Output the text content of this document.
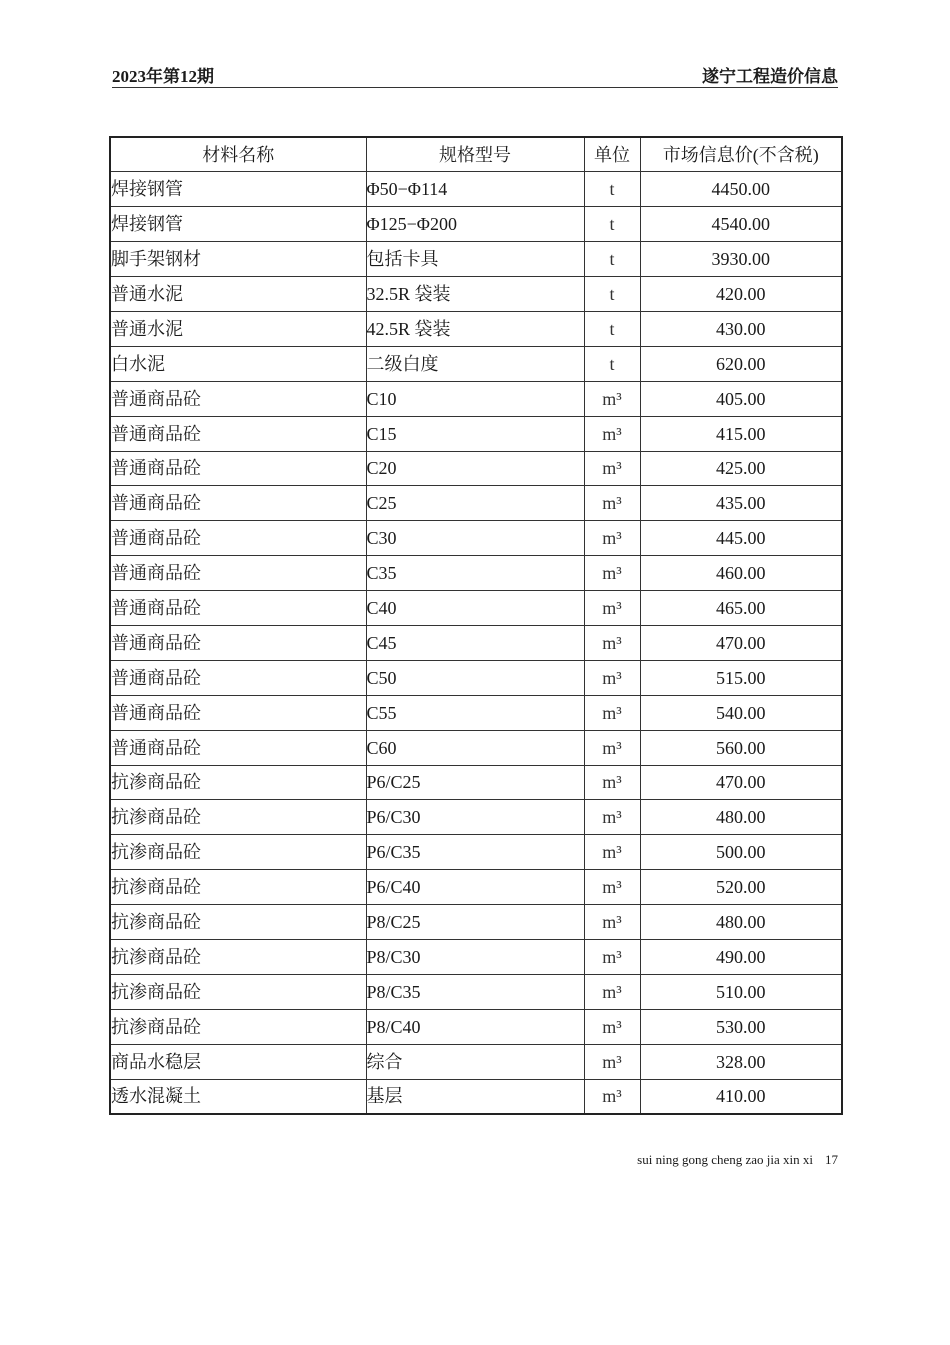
2023年第12期	遂宁工程造价信息
材料名称	规格型号	单位	市场信息价(不含税)
焊接钢管	Φ50−Φ114	t	4450.00
焊接钢管	Φ125−Φ200	t	4540.00
脚手架钢材	包括卡具	t	3930.00
普通水泥	32.5R 袋装	t	420.00
普通水泥	42.5R 袋装	t	430.00
白水泥	二级白度	t	620.00
普通商品砼	C10	m³	405.00
普通商品砼	C15	m³	415.00
普通商品砼	C20	m³	425.00
普通商品砼	C25	m³	435.00
普通商品砼	C30	m³	445.00
普通商品砼	C35	m³	460.00
普通商品砼	C40	m³	465.00
普通商品砼	C45	m³	470.00
普通商品砼	C50	m³	515.00
普通商品砼	C55	m³	540.00
普通商品砼	C60	m³	560.00
抗渗商品砼	P6/C25	m³	470.00
抗渗商品砼	P6/C30	m³	480.00
抗渗商品砼	P6/C35	m³	500.00
抗渗商品砼	P6/C40	m³	520.00
抗渗商品砼	P8/C25	m³	480.00
抗渗商品砼	P8/C30	m³	490.00
抗渗商品砼	P8/C35	m³	510.00
抗渗商品砼	P8/C40	m³	530.00
商品水稳层	综合	m³	328.00
透水混凝土	基层	m³	410.00
sui ning gong cheng zao jia xin xi 17
